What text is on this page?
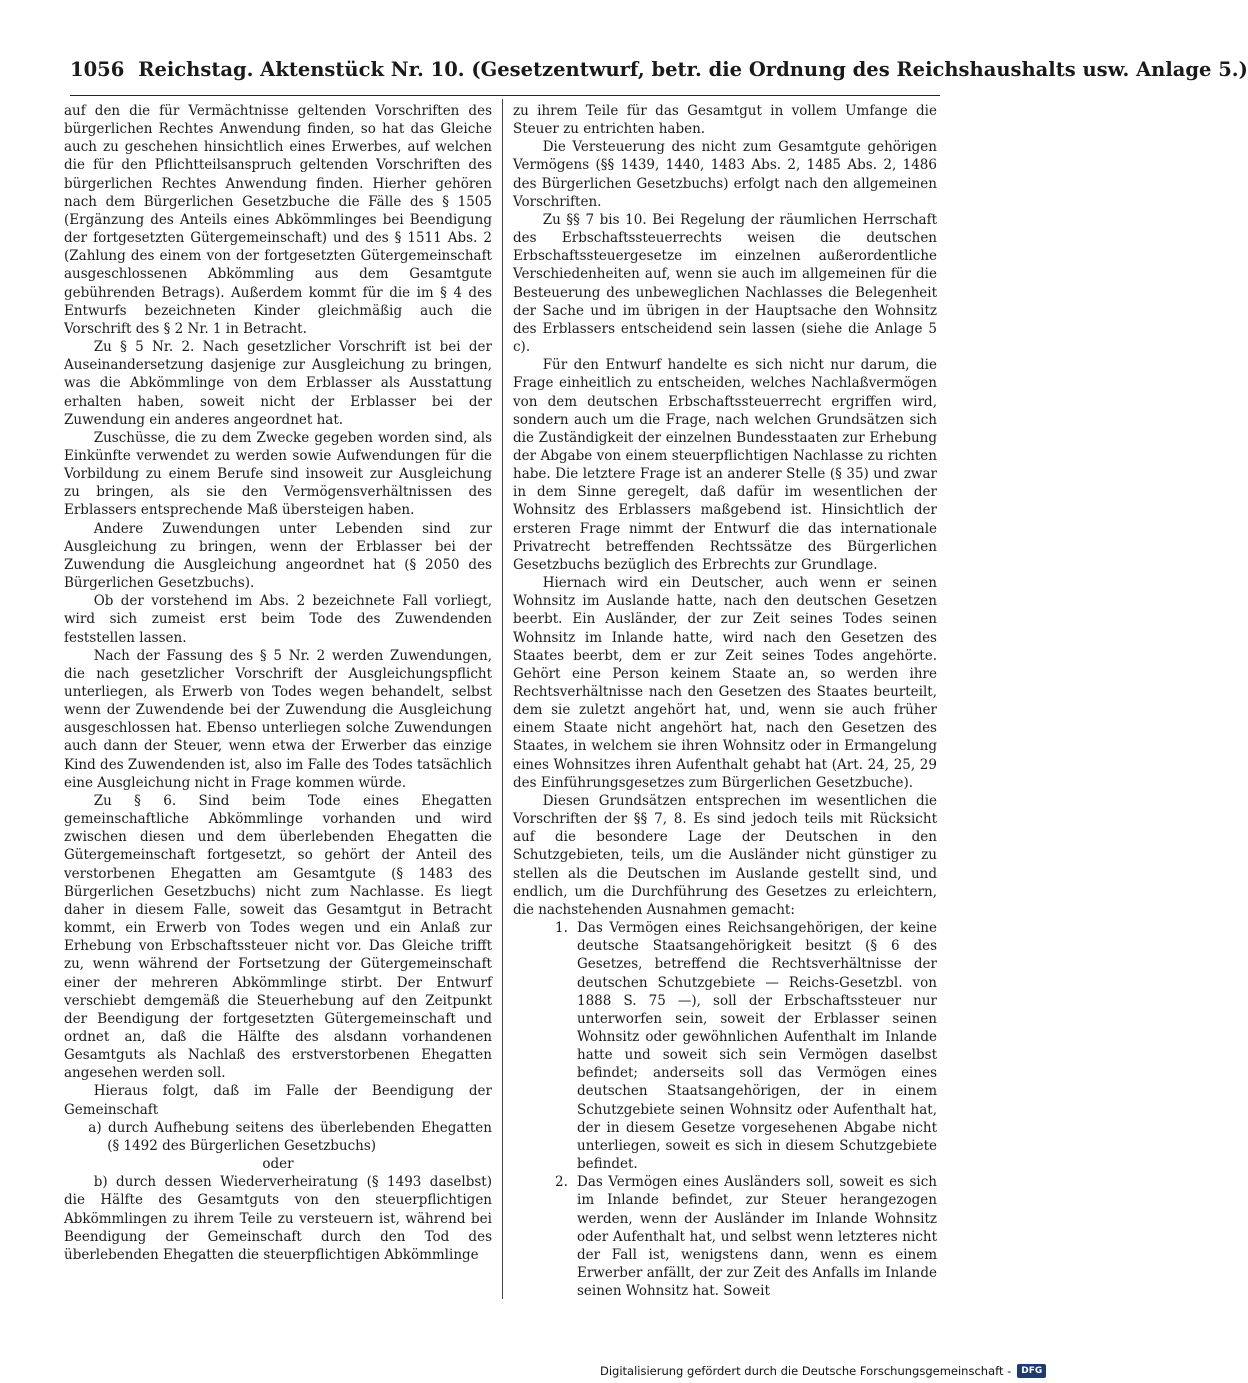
1056 Reichstag. Aktenstück Nr. 10. (Gesetzentwurf, betr. die Ordnung des Reichshaushalts usw. Anlage 5.)

auf den die für Vermächtnisse geltenden Vorschriften des bürgerlichen Rechtes Anwendung finden, so hat das Gleiche auch zu geschehen hinsichtlich eines Erwerbes, auf welchen die für den Pflichtteilsanspruch geltenden Vorschriften des bürgerlichen Rechtes Anwendung finden. Hierher gehören nach dem Bürgerlichen Gesetzbuche die Fälle des § 1505 (Ergänzung des Anteils eines Abkömmlinges bei Beendigung der fortgesetzten Gütergemeinschaft) und des § 1511 Abs. 2 (Zahlung des einem von der fortgesetzten Gütergemeinschaft ausgeschlossenen Abkömmling aus dem Gesamtgute gebührenden Betrags). Außerdem kommt für die im § 4 des Entwurfs bezeichneten Kinder gleichmäßig auch die Vorschrift des § 2 Nr. 1 in Betracht.

Zu § 5 Nr. 2. Nach gesetzlicher Vorschrift ist bei der Auseinandersetzung dasjenige zur Ausgleichung zu bringen, was die Abkömmlinge von dem Erblasser als Ausstattung erhalten haben, soweit nicht der Erblasser bei der Zuwendung ein anderes angeordnet hat.

Zuschüsse, die zu dem Zwecke gegeben worden sind, als Einkünfte verwendet zu werden sowie Aufwendungen für die Vorbildung zu einem Berufe sind insoweit zur Ausgleichung zu bringen, als sie den Vermögensverhältnissen des Erblassers entsprechende Maß übersteigen haben.

Andere Zuwendungen unter Lebenden sind zur Ausgleichung zu bringen, wenn der Erblasser bei der Zuwendung die Ausgleichung angeordnet hat (§ 2050 des Bürgerlichen Gesetzbuchs).

Ob der vorstehend im Abs. 2 bezeichnete Fall vorliegt, wird sich zumeist erst beim Tode des Zuwendenden feststellen lassen.

Nach der Fassung des § 5 Nr. 2 werden Zuwendungen, die nach gesetzlicher Vorschrift der Ausgleichungspflicht unterliegen, als Erwerb von Todes wegen behandelt, selbst wenn der Zuwendende bei der Zuwendung die Ausgleichung ausgeschlossen hat. Ebenso unterliegen solche Zuwendungen auch dann der Steuer, wenn etwa der Erwerber das einzige Kind des Zuwendenden ist, also im Falle des Todes tatsächlich eine Ausgleichung nicht in Frage kommen würde.

Zu § 6. Sind beim Tode eines Ehegatten gemeinschaftliche Abkömmlinge vorhanden und wird zwischen diesen und dem überlebenden Ehegatten die Gütergemeinschaft fortgesetzt, so gehört der Anteil des verstorbenen Ehegatten am Gesamtgute (§ 1483 des Bürgerlichen Gesetzbuchs) nicht zum Nachlasse. Es liegt daher in diesem Falle, soweit das Gesamtgut in Betracht kommt, ein Erwerb von Todes wegen und ein Anlaß zur Erhebung von Erbschaftssteuer nicht vor. Das Gleiche trifft zu, wenn während der Fortsetzung der Gütergemeinschaft einer der mehreren Abkömmlinge stirbt. Der Entwurf verschiebt demgemäß die Steuerhebung auf den Zeitpunkt der Beendigung der fortgesetzten Gütergemeinschaft und ordnet an, daß die Hälfte des alsdann vorhandenen Gesamtguts als Nachlaß des erstverstorbenen Ehegatten angesehen werden soll.

Hieraus folgt, daß im Falle der Beendigung der Gemeinschaft

a) durch Aufhebung seitens des überlebenden Ehegatten (§ 1492 des Bürgerlichen Gesetzbuchs)

oder

b) durch dessen Wiederverheiratung (§ 1493 daselbst) die Hälfte des Gesamtguts von den steuerpflichtigen Abkömmlingen zu ihrem Teile zu versteuern ist, während bei Beendigung der Gemeinschaft durch den Tod des überlebenden Ehegatten die steuerpflichtigen Abkömmlinge

zu ihrem Teile für das Gesamtgut in vollem Umfange die Steuer zu entrichten haben.

Die Versteuerung des nicht zum Gesamtgute gehörigen Vermögens (§§ 1439, 1440, 1483 Abs. 2, 1485 Abs. 2, 1486 des Bürgerlichen Gesetzbuchs) erfolgt nach den allgemeinen Vorschriften.

Zu §§ 7 bis 10. Bei Regelung der räumlichen Herrschaft des Erbschaftssteuerrechts weisen die deutschen Erbschaftssteuergesetze im einzelnen außerordentliche Verschiedenheiten auf, wenn sie auch im allgemeinen für die Besteuerung des unbeweglichen Nachlasses die Belegenheit der Sache und im übrigen in der Hauptsache den Wohnsitz des Erblassers entscheidend sein lassen (siehe die Anlage 5 c).

Für den Entwurf handelte es sich nicht nur darum, die Frage einheitlich zu entscheiden, welches Nachlaßvermögen von dem deutschen Erbschaftssteuerrecht ergriffen wird, sondern auch um die Frage, nach welchen Grundsätzen sich die Zuständigkeit der einzelnen Bundesstaaten zur Erhebung der Abgabe von einem steuerpflichtigen Nachlasse zu richten habe. Die letztere Frage ist an anderer Stelle (§ 35) und zwar in dem Sinne geregelt, daß dafür im wesentlichen der Wohnsitz des Erblassers maßgebend ist. Hinsichtlich der ersteren Frage nimmt der Entwurf die das internationale Privatrecht betreffenden Rechtssätze des Bürgerlichen Gesetzbuchs bezüglich des Erbrechts zur Grundlage.

Hiernach wird ein Deutscher, auch wenn er seinen Wohnsitz im Auslande hatte, nach den deutschen Gesetzen beerbt. Ein Ausländer, der zur Zeit seines Todes seinen Wohnsitz im Inlande hatte, wird nach den Gesetzen des Staates beerbt, dem er zur Zeit seines Todes angehörte. Gehört eine Person keinem Staate an, so werden ihre Rechtsverhältnisse nach den Gesetzen des Staates beurteilt, dem sie zuletzt angehört hat, und, wenn sie auch früher einem Staate nicht angehört hat, nach den Gesetzen des Staates, in welchem sie ihren Wohnsitz oder in Ermangelung eines Wohnsitzes ihren Aufenthalt gehabt hat (Art. 24, 25, 29 des Einführungsgesetzes zum Bürgerlichen Gesetzbuche).

Diesen Grundsätzen entsprechen im wesentlichen die Vorschriften der §§ 7, 8. Es sind jedoch teils mit Rücksicht auf die besondere Lage der Deutschen in den Schutzgebieten, teils, um die Ausländer nicht günstiger zu stellen als die Deutschen im Auslande gestellt sind, und endlich, um die Durchführung des Gesetzes zu erleichtern, die nachstehenden Ausnahmen gemacht:

1. Das Vermögen eines Reichsangehörigen, der keine deutsche Staatsangehörigkeit besitzt (§ 6 des Gesetzes, betreffend die Rechtsverhältnisse der deutschen Schutzgebiete — Reichs-Gesetzbl. von 1888 S. 75 —), soll der Erbschaftssteuer nur unterworfen sein, soweit der Erblasser seinen Wohnsitz oder gewöhnlichen Aufenthalt im Inlande hatte und soweit sich sein Vermögen daselbst befindet; anderseits soll das Vermögen eines deutschen Staatsangehörigen, der in einem Schutzgebiete seinen Wohnsitz oder Aufenthalt hat, der in diesem Gesetze vorgesehenen Abgabe nicht unterliegen, soweit es sich in diesem Schutzgebiete befindet.
2. Das Vermögen eines Ausländers soll, soweit es sich im Inlande befindet, zur Steuer herangezogen werden, wenn der Ausländer im Inlande Wohnsitz oder Aufenthalt hat, und selbst wenn letzteres nicht der Fall ist, wenigstens dann, wenn es einem Erwerber anfällt, der zur Zeit des Anfalls im Inlande seinen Wohnsitz hat. Soweit
Digitalisierung gefördert durch die Deutsche Forschungsgemeinschaft -	DFG
